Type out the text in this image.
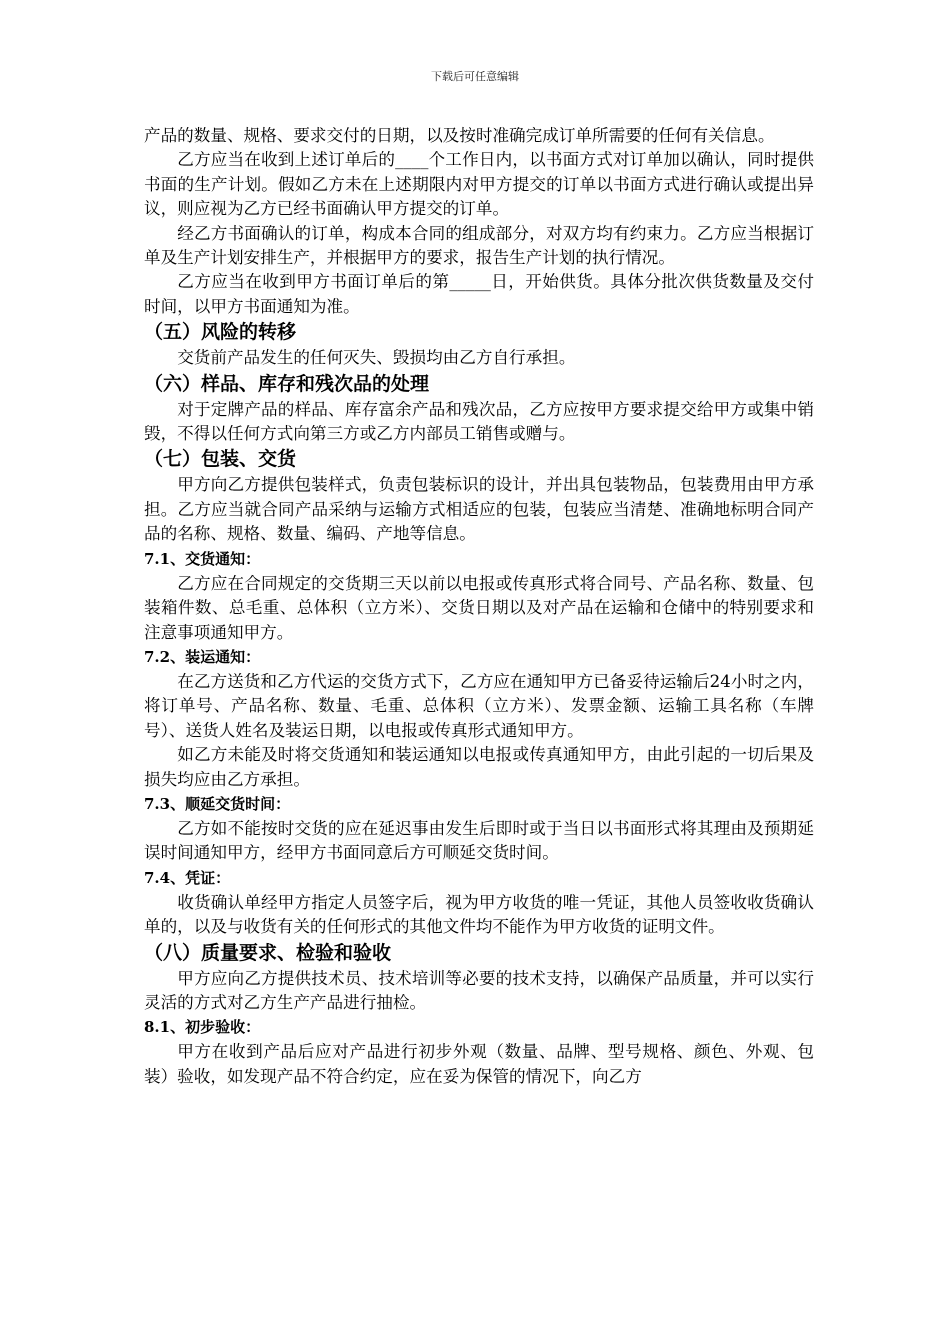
下载后可任意编辑

产品的数量、规格、要求交付的日期，以及按时准确完成订单所需要的任何有关信息。

乙方应当在收到上述订单后的____个工作日内，以书面方式对订单加以确认，同时提供书面的生产计划。假如乙方未在上述期限内对甲方提交的订单以书面方式进行确认或提出异议，则应视为乙方已经书面确认甲方提交的订单。

经乙方书面确认的订单，构成本合同的组成部分，对双方均有约束力。乙方应当根据订单及生产计划安排生产，并根据甲方的要求，报告生产计划的执行情况。

乙方应当在收到甲方书面订单后的第_____日，开始供货。具体分批次供货数量及交付时间，以甲方书面通知为准。

（五）风险的转移

交货前产品发生的任何灭失、毁损均由乙方自行承担。

（六）样品、库存和残次品的处理

对于定牌产品的样品、库存富余产品和残次品，乙方应按甲方要求提交给甲方或集中销毁，不得以任何方式向第三方或乙方内部员工销售或赠与。

（七）包装、交货

甲方向乙方提供包装样式，负责包装标识的设计，并出具包装物品，包装费用由甲方承担。乙方应当就合同产品采纳与运输方式相适应的包装，包装应当清楚、准确地标明合同产品的名称、规格、数量、编码、产地等信息。

7.1、交货通知：

乙方应在合同规定的交货期三天以前以电报或传真形式将合同号、产品名称、数量、包装箱件数、总毛重、总体积（立方米）、交货日期以及对产品在运输和仓储中的特别要求和注意事项通知甲方。

7.2、装运通知：

在乙方送货和乙方代运的交货方式下，乙方应在通知甲方已备妥待运输后24小时之内，将订单号、产品名称、数量、毛重、总体积（立方米）、发票金额、运输工具名称（车牌号）、送货人姓名及装运日期，以电报或传真形式通知甲方。

如乙方未能及时将交货通知和装运通知以电报或传真通知甲方，由此引起的一切后果及损失均应由乙方承担。

7.3、顺延交货时间：

乙方如不能按时交货的应在延迟事由发生后即时或于当日以书面形式将其理由及预期延误时间通知甲方，经甲方书面同意后方可顺延交货时间。

7.4、凭证：

收货确认单经甲方指定人员签字后，视为甲方收货的唯一凭证，其他人员签收收货确认单的，以及与收货有关的任何形式的其他文件均不能作为甲方收货的证明文件。

（八）质量要求、检验和验收

甲方应向乙方提供技术员、技术培训等必要的技术支持，以确保产品质量，并可以实行灵活的方式对乙方生产产品进行抽检。

8.1、初步验收：

甲方在收到产品后应对产品进行初步外观（数量、品牌、型号规格、颜色、外观、包装）验收，如发现产品不符合约定，应在妥为保管的情况下，向乙方
